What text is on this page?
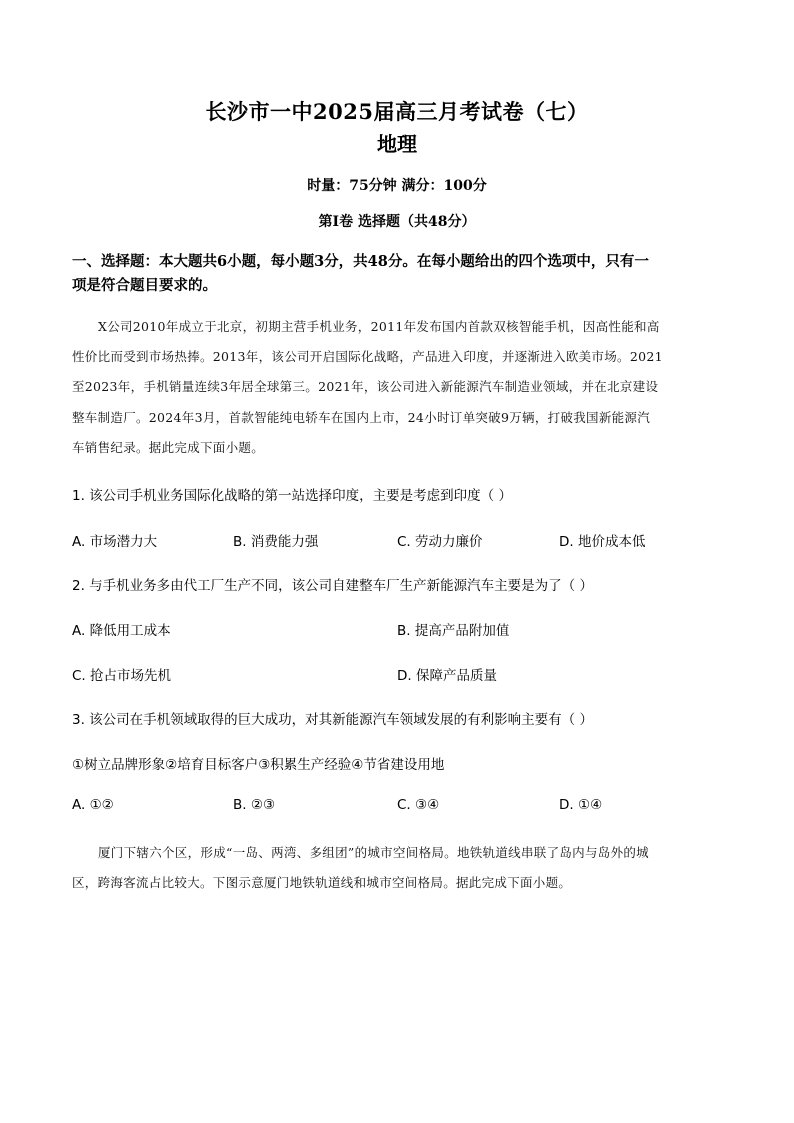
长沙市一中2025届高三月考试卷（七）
地理
时量：75分钟 满分：100分
第Ⅰ卷 选择题（共48分）
一、选择题：本大题共6小题，每小题3分，共48分。在每小题给出的四个选项中，只有一
项是符合题目要求的。
X公司2010年成立于北京，初期主营手机业务，2011年发布国内首款双核智能手机，因高性能和高
性价比而受到市场热捧。2013年，该公司开启国际化战略，产品进入印度，并逐渐进入欧美市场。2021
至2023年，手机销量连续3年居全球第三。2021年，该公司进入新能源汽车制造业领域，并在北京建设
整车制造厂。2024年3月，首款智能纯电轿车在国内上市，24小时订单突破9万辆，打破我国新能源汽
车销售纪录。据此完成下面小题。
1. 该公司手机业务国际化战略的第一站选择印度，主要是考虑到印度（ ）
A. 市场潜力大	B. 消费能力强	C. 劳动力廉价	D. 地价成本低
2. 与手机业务多由代工厂生产不同，该公司自建整车厂生产新能源汽车主要是为了（ ）
A. 降低用工成本	B. 提高产品附加值
C. 抢占市场先机	D. 保障产品质量
3. 该公司在手机领域取得的巨大成功，对其新能源汽车领域发展的有利影响主要有（ ）
①树立品牌形象②培育目标客户③积累生产经验④节省建设用地
A. ①②	B. ②③	C. ③④	D. ①④
厦门下辖六个区，形成“一岛、两湾、多组团”的城市空间格局。地铁轨道线串联了岛内与岛外的城
区，跨海客流占比较大。下图示意厦门地铁轨道线和城市空间格局。据此完成下面小题。
